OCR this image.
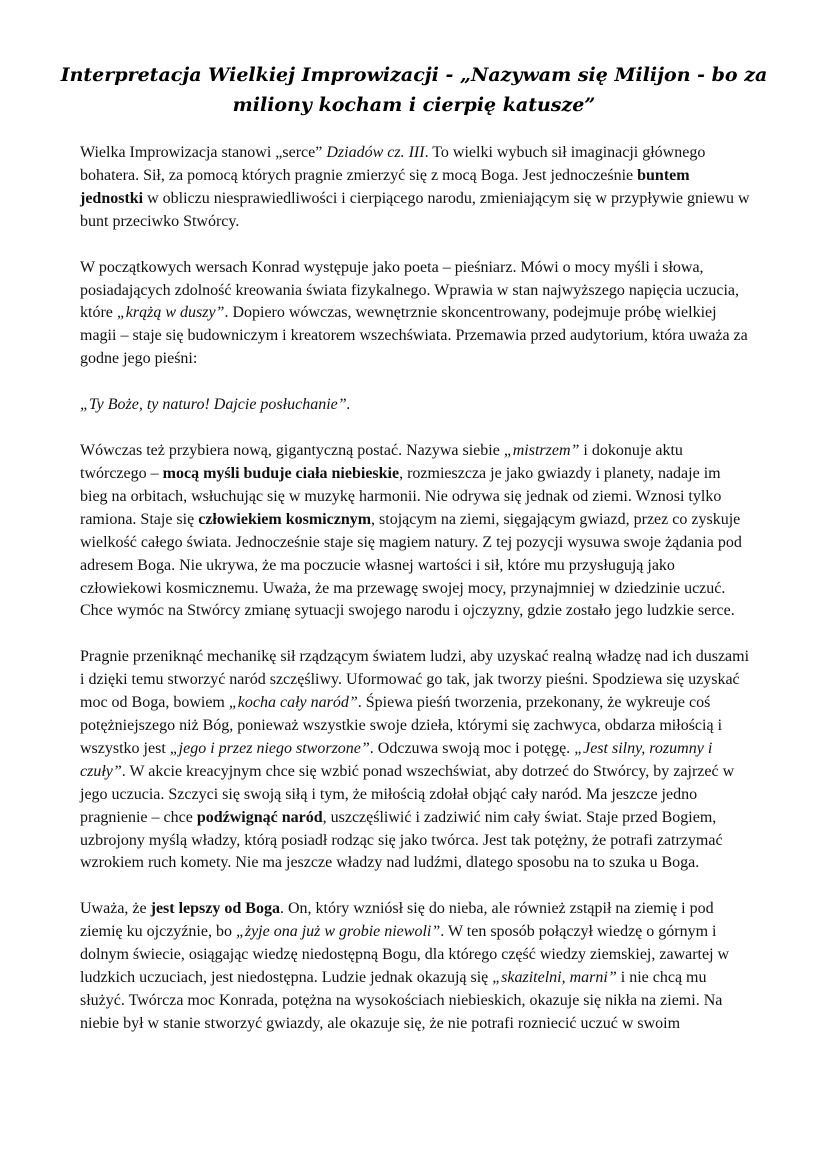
Interpretacja Wielkiej Improwizacji - „Nazywam się Milijon - bo za miliony kocham i cierpię katusze”

Wielka Improwizacja stanowi „serce” Dziadów cz. III. To wielki wybuch sił imaginacji głównego bohatera. Sił, za pomocą których pragnie zmierzyć się z mocą Boga. Jest jednocześnie buntem jednostki w obliczu niesprawiedliwości i cierpiącego narodu, zmieniającym się w przypływie gniewu w bunt przeciwko Stwórcy.

W początkowych wersach Konrad występuje jako poeta – pieśniarz. Mówi o mocy myśli i słowa, posiadających zdolność kreowania świata fizykalnego. Wprawia w stan najwyższego napięcia uczucia, które „krążą w duszy”. Dopiero wówczas, wewnętrznie skoncentrowany, podejmuje próbę wielkiej magii – staje się budowniczym i kreatorem wszechświata. Przemawia przed audytorium, która uważa za godne jego pieśni:

„Ty Boże, ty naturo! Dajcie posłuchanie”.

Wówczas też przybiera nową, gigantyczną postać. Nazywa siebie „mistrzem” i dokonuje aktu twórczego – mocą myśli buduje ciała niebieskie, rozmieszcza je jako gwiazdy i planety, nadaje im bieg na orbitach, wsłuchując się w muzykę harmonii. Nie odrywa się jednak od ziemi. Wznosi tylko ramiona. Staje się człowiekiem kosmicznym, stojącym na ziemi, sięgającym gwiazd, przez co zyskuje wielkość całego świata. Jednocześnie staje się magiem natury. Z tej pozycji wysuwa swoje żądania pod adresem Boga. Nie ukrywa, że ma poczucie własnej wartości i sił, które mu przysługują jako człowiekowi kosmicznemu. Uważa, że ma przewagę swojej mocy, przynajmniej w dziedzinie uczuć. Chce wymóc na Stwórcy zmianę sytuacji swojego narodu i ojczyzny, gdzie zostało jego ludzkie serce.

Pragnie przeniknąć mechanikę sił rządzącym światem ludzi, aby uzyskać realną władzę nad ich duszami i dzięki temu stworzyć naród szczęśliwy. Uformować go tak, jak tworzy pieśni. Spodziewa się uzyskać moc od Boga, bowiem „kocha cały naród”. Śpiewa pieśń tworzenia, przekonany, że wykreuje coś potężniejszego niż Bóg, ponieważ wszystkie swoje dzieła, którymi się zachwyca, obdarza miłością i wszystko jest „jego i przez niego stworzone”. Odczuwa swoją moc i potęgę. „Jest silny, rozumny i czuły”. W akcie kreacyjnym chce się wzbić ponad wszechświat, aby dotrzeć do Stwórcy, by zajrzeć w jego uczucia. Szczyci się swoją siłą i tym, że miłością zdołał objąć cały naród. Ma jeszcze jedno pragnienie – chce podźwignąć naród, uszczęśliwić i zadziwić nim cały świat. Staje przed Bogiem, uzbrojony myślą władzy, którą posiadł rodząc się jako twórca. Jest tak potężny, że potrafi zatrzymać wzrokiem ruch komety. Nie ma jeszcze władzy nad ludźmi, dlatego sposobu na to szuka u Boga.

Uważa, że jest lepszy od Boga. On, który wzniósł się do nieba, ale również zstąpił na ziemię i pod ziemię ku ojczyźnie, bo „żyje ona już w grobie niewoli”. W ten sposób połączył wiedzę o górnym i dolnym świecie, osiągając wiedzę niedostępną Bogu, dla którego część wiedzy ziemskiej, zawartej w ludzkich uczuciach, jest niedostępna. Ludzie jednak okazują się „skazitelni, marni” i nie chcą mu służyć. Twórcza moc Konrada, potężna na wysokościach niebieskich, okazuje się nikła na ziemi. Na niebie był w stanie stworzyć gwiazdy, ale okazuje się, że nie potrafi rozniecić uczuć w swoim
